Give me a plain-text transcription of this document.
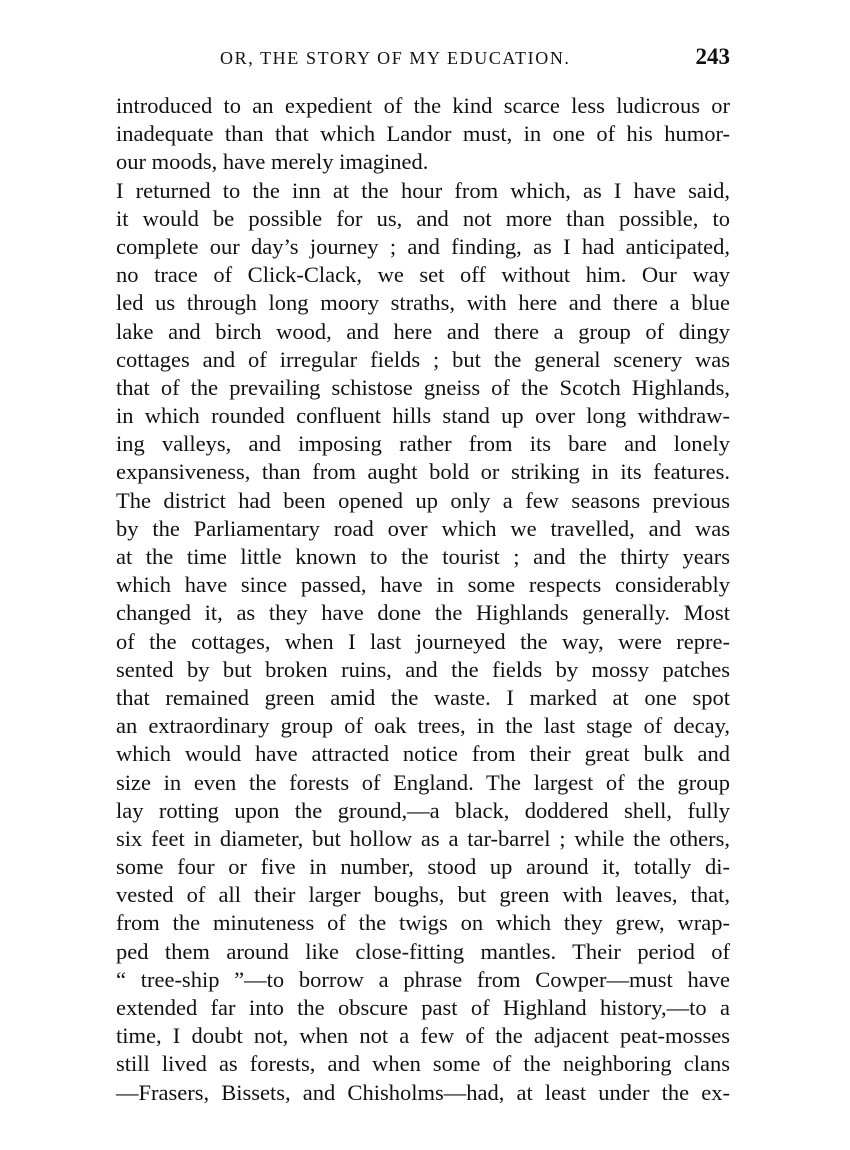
OR, THE STORY OF MY EDUCATION.	243
introduced to an expedient of the kind scarce less ludicrous or
inadequate than that which Landor must, in one of his humor-
our moods, have merely imagined.
I returned to the inn at the hour from which, as I have said,
it would be possible for us, and not more than possible, to
complete our day’s journey ; and finding, as I had anticipated,
no trace of Click-Clack, we set off without him. Our way
led us through long moory straths, with here and there a blue
lake and birch wood, and here and there a group of dingy
cottages and of irregular fields ; but the general scenery was
that of the prevailing schistose gneiss of the Scotch Highlands,
in which rounded confluent hills stand up over long withdraw-
ing valleys, and imposing rather from its bare and lonely
expansiveness, than from aught bold or striking in its features.
The district had been opened up only a few seasons previous
by the Parliamentary road over which we travelled, and was
at the time little known to the tourist ; and the thirty years
which have since passed, have in some respects considerably
changed it, as they have done the Highlands generally. Most
of the cottages, when I last journeyed the way, were repre-
sented by but broken ruins, and the fields by mossy patches
that remained green amid the waste. I marked at one spot
an extraordinary group of oak trees, in the last stage of decay,
which would have attracted notice from their great bulk and
size in even the forests of England. The largest of the group
lay rotting upon the ground,—a black, doddered shell, fully
six feet in diameter, but hollow as a tar-barrel ; while the others,
some four or five in number, stood up around it, totally di-
vested of all their larger boughs, but green with leaves, that,
from the minuteness of the twigs on which they grew, wrap-
ped them around like close-fitting mantles. Their period of
“ tree-ship ”—to borrow a phrase from Cowper—must have
extended far into the obscure past of Highland history,—to a
time, I doubt not, when not a few of the adjacent peat-mosses
still lived as forests, and when some of the neighboring clans
—Frasers, Bissets, and Chisholms—had, at least under the ex-
